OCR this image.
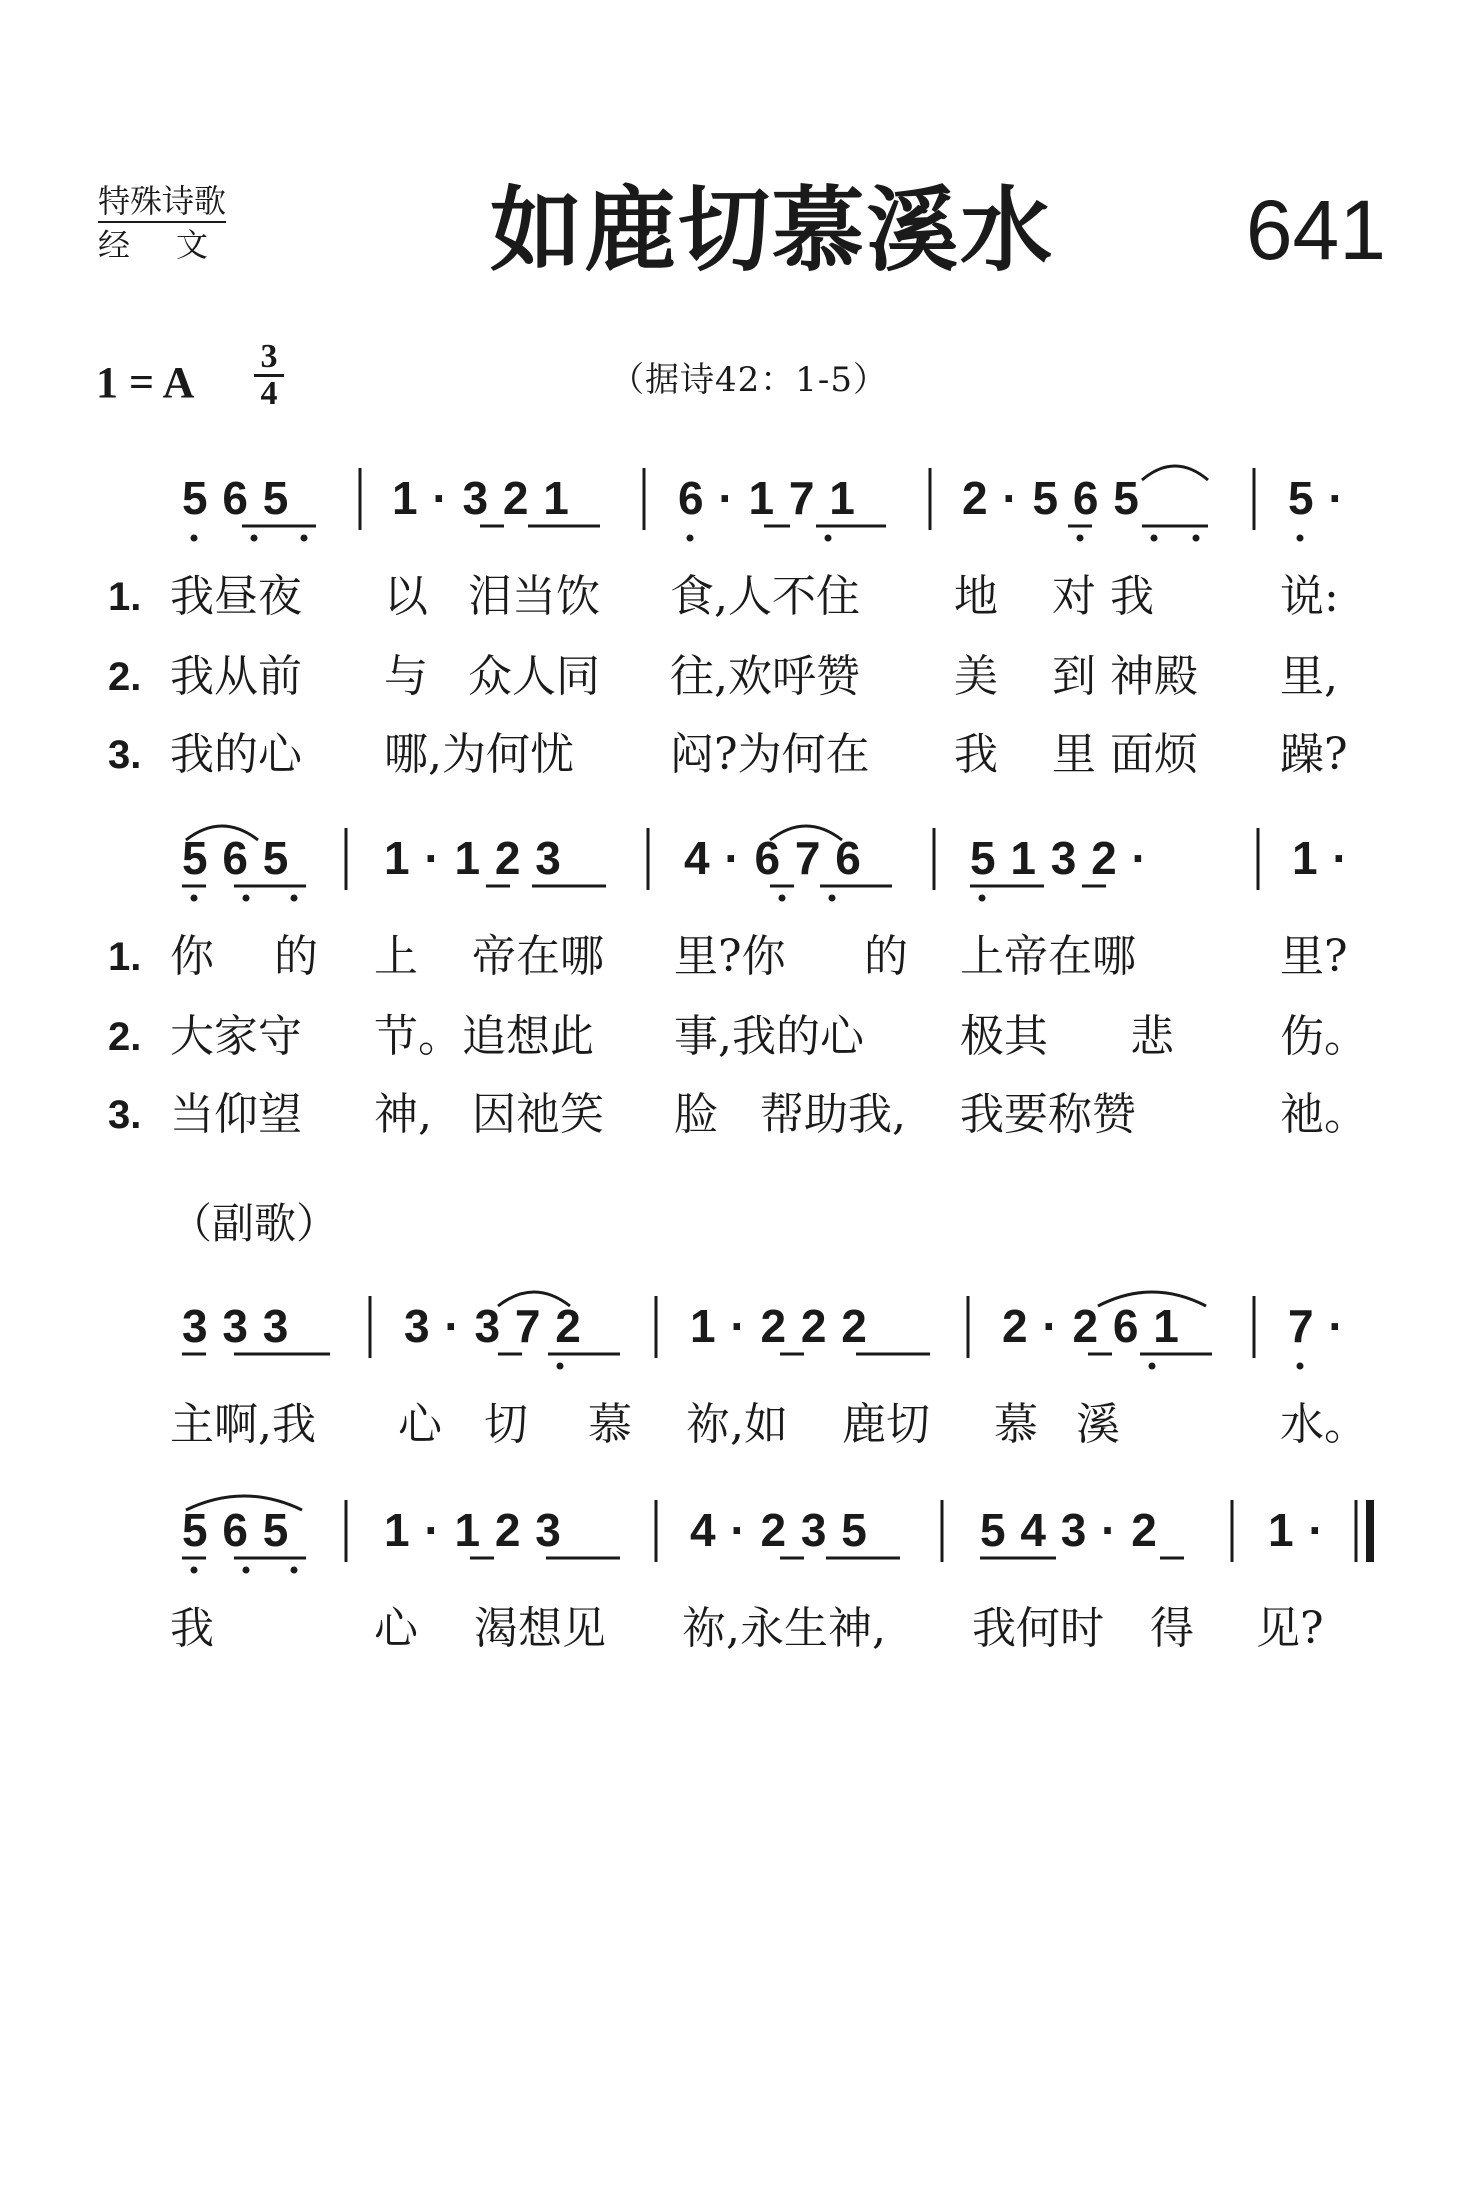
特殊诗歌
经文	如鹿切慕溪水 641
1 = A
3
4	（据诗42：1-5）
（副歌）
5 6 5 1 · 3 2 1 6 · 1 7 1 2 · 5 6 5	5 ·
1. 我昼夜 以 泪当饮 食,人不住 地 对 我	说:
2. 我从前 与 众人同 往,欢呼赞 美 到 神殿 里,
3. 我的心 哪,为何忧 闷?为何在 我 里 面烦 躁?
5 6 5 1 · 1 2 3	4 · 6 7 6 5 1 3 2 ·	1 ·
1. 你 的 上 帝在哪 里?你 的 上帝在哪	里?
2. 大家守 节。追想此 事,我的心 极其 悲 伤。
3. 当仰望 神, 因祂笑 脸 帮助我, 我要称赞	祂。
3 3 3 3 · 3 7 2 1 · 2 2 2	2 · 2 6 1 7 ·
主啊,我 心 切 慕 祢,如 鹿切 慕 溪	水。
5 6 5 1 · 1 2 3	4 · 2 3 5 5 4 3 · 2 1 ·
我	心 渴想见 祢,永生神, 我何时 得 见?
